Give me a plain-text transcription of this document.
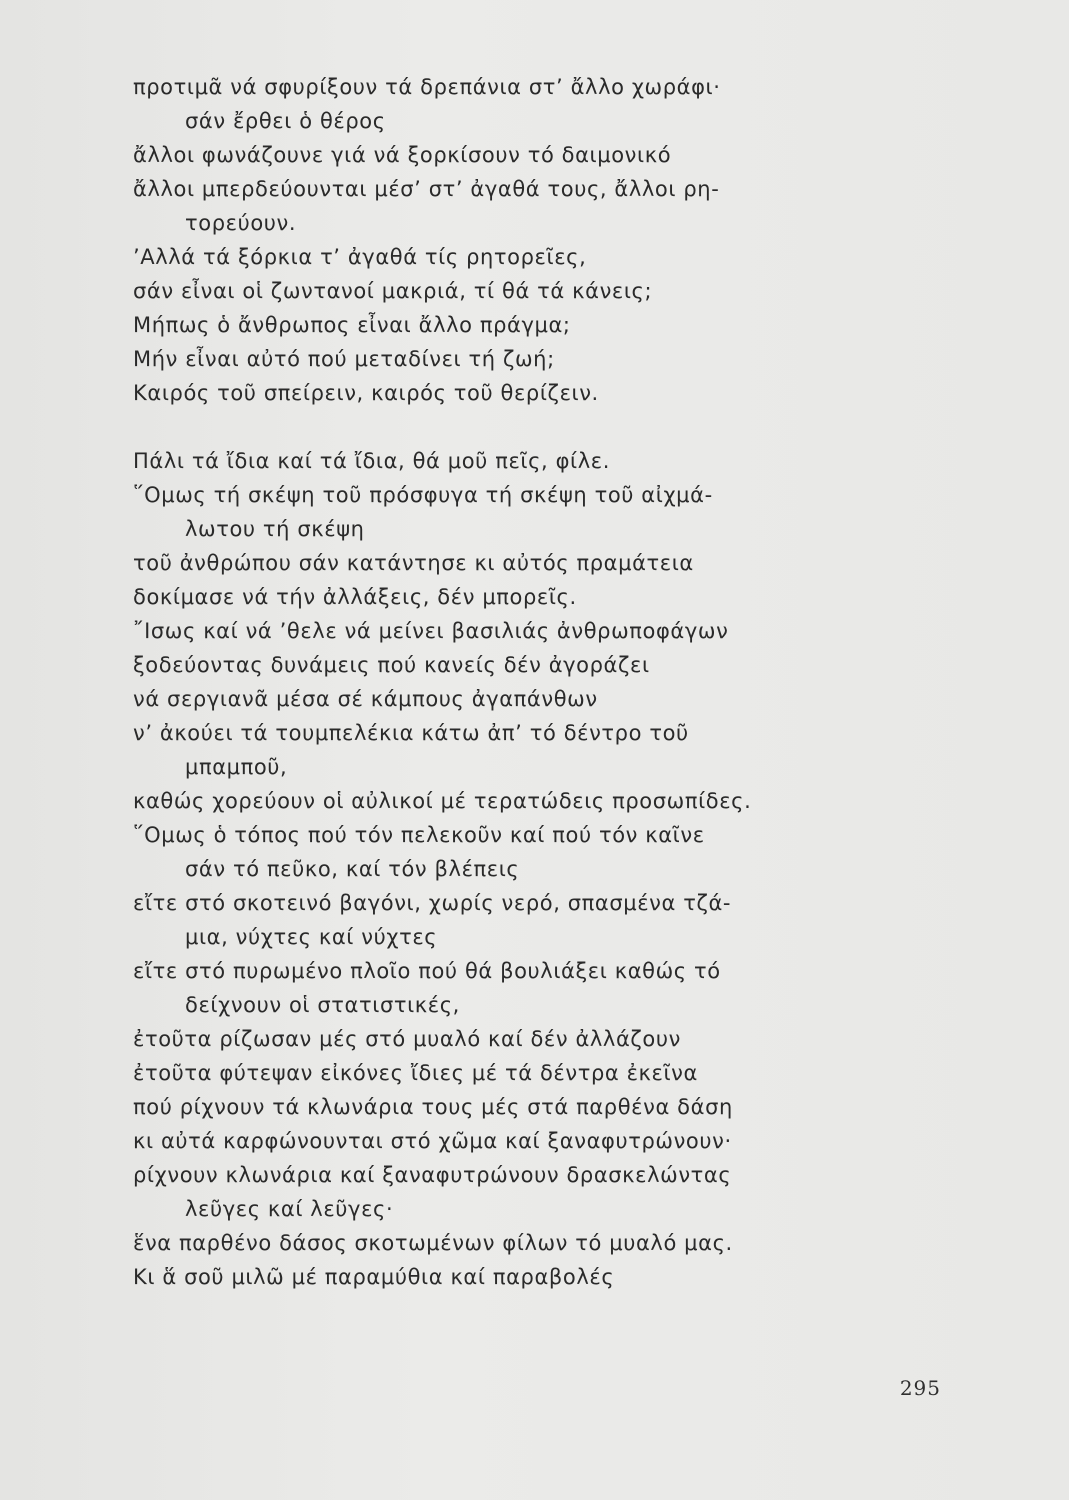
προτιμᾶ νά σφυρίξουν τά δρεπάνια στ’ ἄλλο χωράφι·
σάν ἔρθει ὁ θέρος
ἄλλοι φωνάζουνε γιά νά ξορκίσουν τό δαιμονικό
ἄλλοι μπερδεύουνται μέσ’ στ’ ἀγαθά τους, ἄλλοι ρη-
τορεύουν.
’Αλλά τά ξόρκια τ’ ἀγαθά τίς ρητορεῖες,
σάν εἶναι οἱ ζωντανοί μακριά, τί θά τά κάνεις;
Μήπως ὁ ἄνθρωπος εἶναι ἄλλο πράγμα;
Μήν εἶναι αὐτό πού μεταδίνει τή ζωή;
Καιρός τοῦ σπείρειν, καιρός τοῦ θερίζειν.
Πάλι τά ἴδια καί τά ἴδια, θά μοῦ πεῖς, φίλε.
῞Ομως τή σκέψη τοῦ πρόσφυγα τή σκέψη τοῦ αἰχμά-
λωτου τή σκέψη
τοῦ ἀνθρώπου σάν κατάντησε κι αὐτός πραμάτεια
δοκίμασε νά τήν ἀλλάξεις, δέν μπορεῖς.
῎Ισως καί νά ’θελε νά μείνει βασιλιάς ἀνθρωποφάγων
ξοδεύοντας δυνάμεις πού κανείς δέν ἀγοράζει
νά σεργιανᾶ μέσα σέ κάμπους ἀγαπάνθων
ν’ ἀκούει τά τουμπελέκια κάτω ἀπ’ τό δέντρο τοῦ
μπαμποῦ,
καθώς χορεύουν οἱ αὐλικοί μέ τερατώδεις προσωπίδες.
῞Ομως ὁ τόπος πού τόν πελεκοῦν καί πού τόν καῖνε
σάν τό πεῦκο, καί τόν βλέπεις
εἴτε στό σκοτεινό βαγόνι, χωρίς νερό, σπασμένα τζά-
μια, νύχτες καί νύχτες
εἴτε στό πυρωμένο πλοῖο πού θά βουλιάξει καθώς τό
δείχνουν οἱ στατιστικές,
ἐτοῦτα ρίζωσαν μές στό μυαλό καί δέν ἀλλάζουν
ἐτοῦτα φύτεψαν εἰκόνες ἴδιες μέ τά δέντρα ἐκεῖνα
πού ρίχνουν τά κλωνάρια τους μές στά παρθένα δάση
κι αὐτά καρφώνουνται στό χῶμα καί ξαναφυτρώνουν·
ρίχνουν κλωνάρια καί ξαναφυτρώνουν δρασκελώντας
λεῦγες καί λεῦγες·
ἕνα παρθένο δάσος σκοτωμένων φίλων τό μυαλό μας.
Κι ἅ σοῦ μιλῶ μέ παραμύθια καί παραβολές
295
